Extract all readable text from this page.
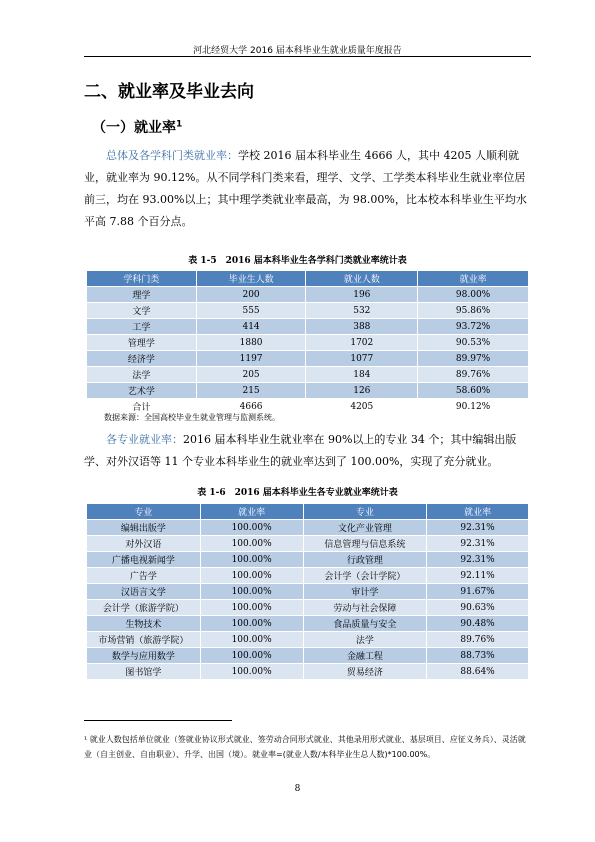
河北经贸大学 2016 届本科毕业生就业质量年度报告
二、就业率及毕业去向
（一）就业率$^1$
总体及各学科门类就业率：学校 2016 届本科毕业生 4666 人，其中 4205 人顺利就业，就业率为 90.12%。从不同学科门类来看，理学、文学、工学类本科毕业生就业率位居前三，均在 93.00%以上；其中理学类就业率最高，为 98.00%，比本校本科毕业生平均水平高 7.88 个百分点。
表 1-5　2016 届本科毕业生各学科门类就业率统计表
学科门类	毕业生人数	就业人数	就业率
理学	200	196	98.00%
文学	555	532	95.86%
工学	414	388	93.72%
管理学	1880	1702	90.53%
经济学	1197	1077	89.97%
法学	205	184	89.76%
艺术学	215	126	58.60%
合计	4666	4205	90.12%
数据来源：全国高校毕业生就业管理与监测系统。
各专业就业率：2016 届本科毕业生就业率在 90%以上的专业 34 个；其中编辑出版学、对外汉语等 11 个专业本科毕业生的就业率达到了 100.00%，实现了充分就业。
表 1-6　2016 届本科毕业生各专业就业率统计表
专业	就业率	专业	就业率
编辑出版学	100.00%	文化产业管理	92.31%
对外汉语	100.00%	信息管理与信息系统	92.31%
广播电视新闻学	100.00%	行政管理	92.31%
广告学	100.00%	会计学（会计学院）	92.11%
汉语言文学	100.00%	审计学	91.67%
会计学（旅游学院）	100.00%	劳动与社会保障	90.63%
生物技术	100.00%	食品质量与安全	90.48%
市场营销（旅游学院）	100.00%	法学	89.76%
数学与应用数学	100.00%	金融工程	88.73%
图书馆学	100.00%	贸易经济	88.64%
¹ 就业人数包括单位就业（签就业协议形式就业、签劳动合同形式就业、其他录用形式就业、基层项目、应征义务兵）、灵活就业（自主创业、自由职业）、升学、出国（境）。就业率=(就业人数/本科毕业生总人数)*100.00%。
8
